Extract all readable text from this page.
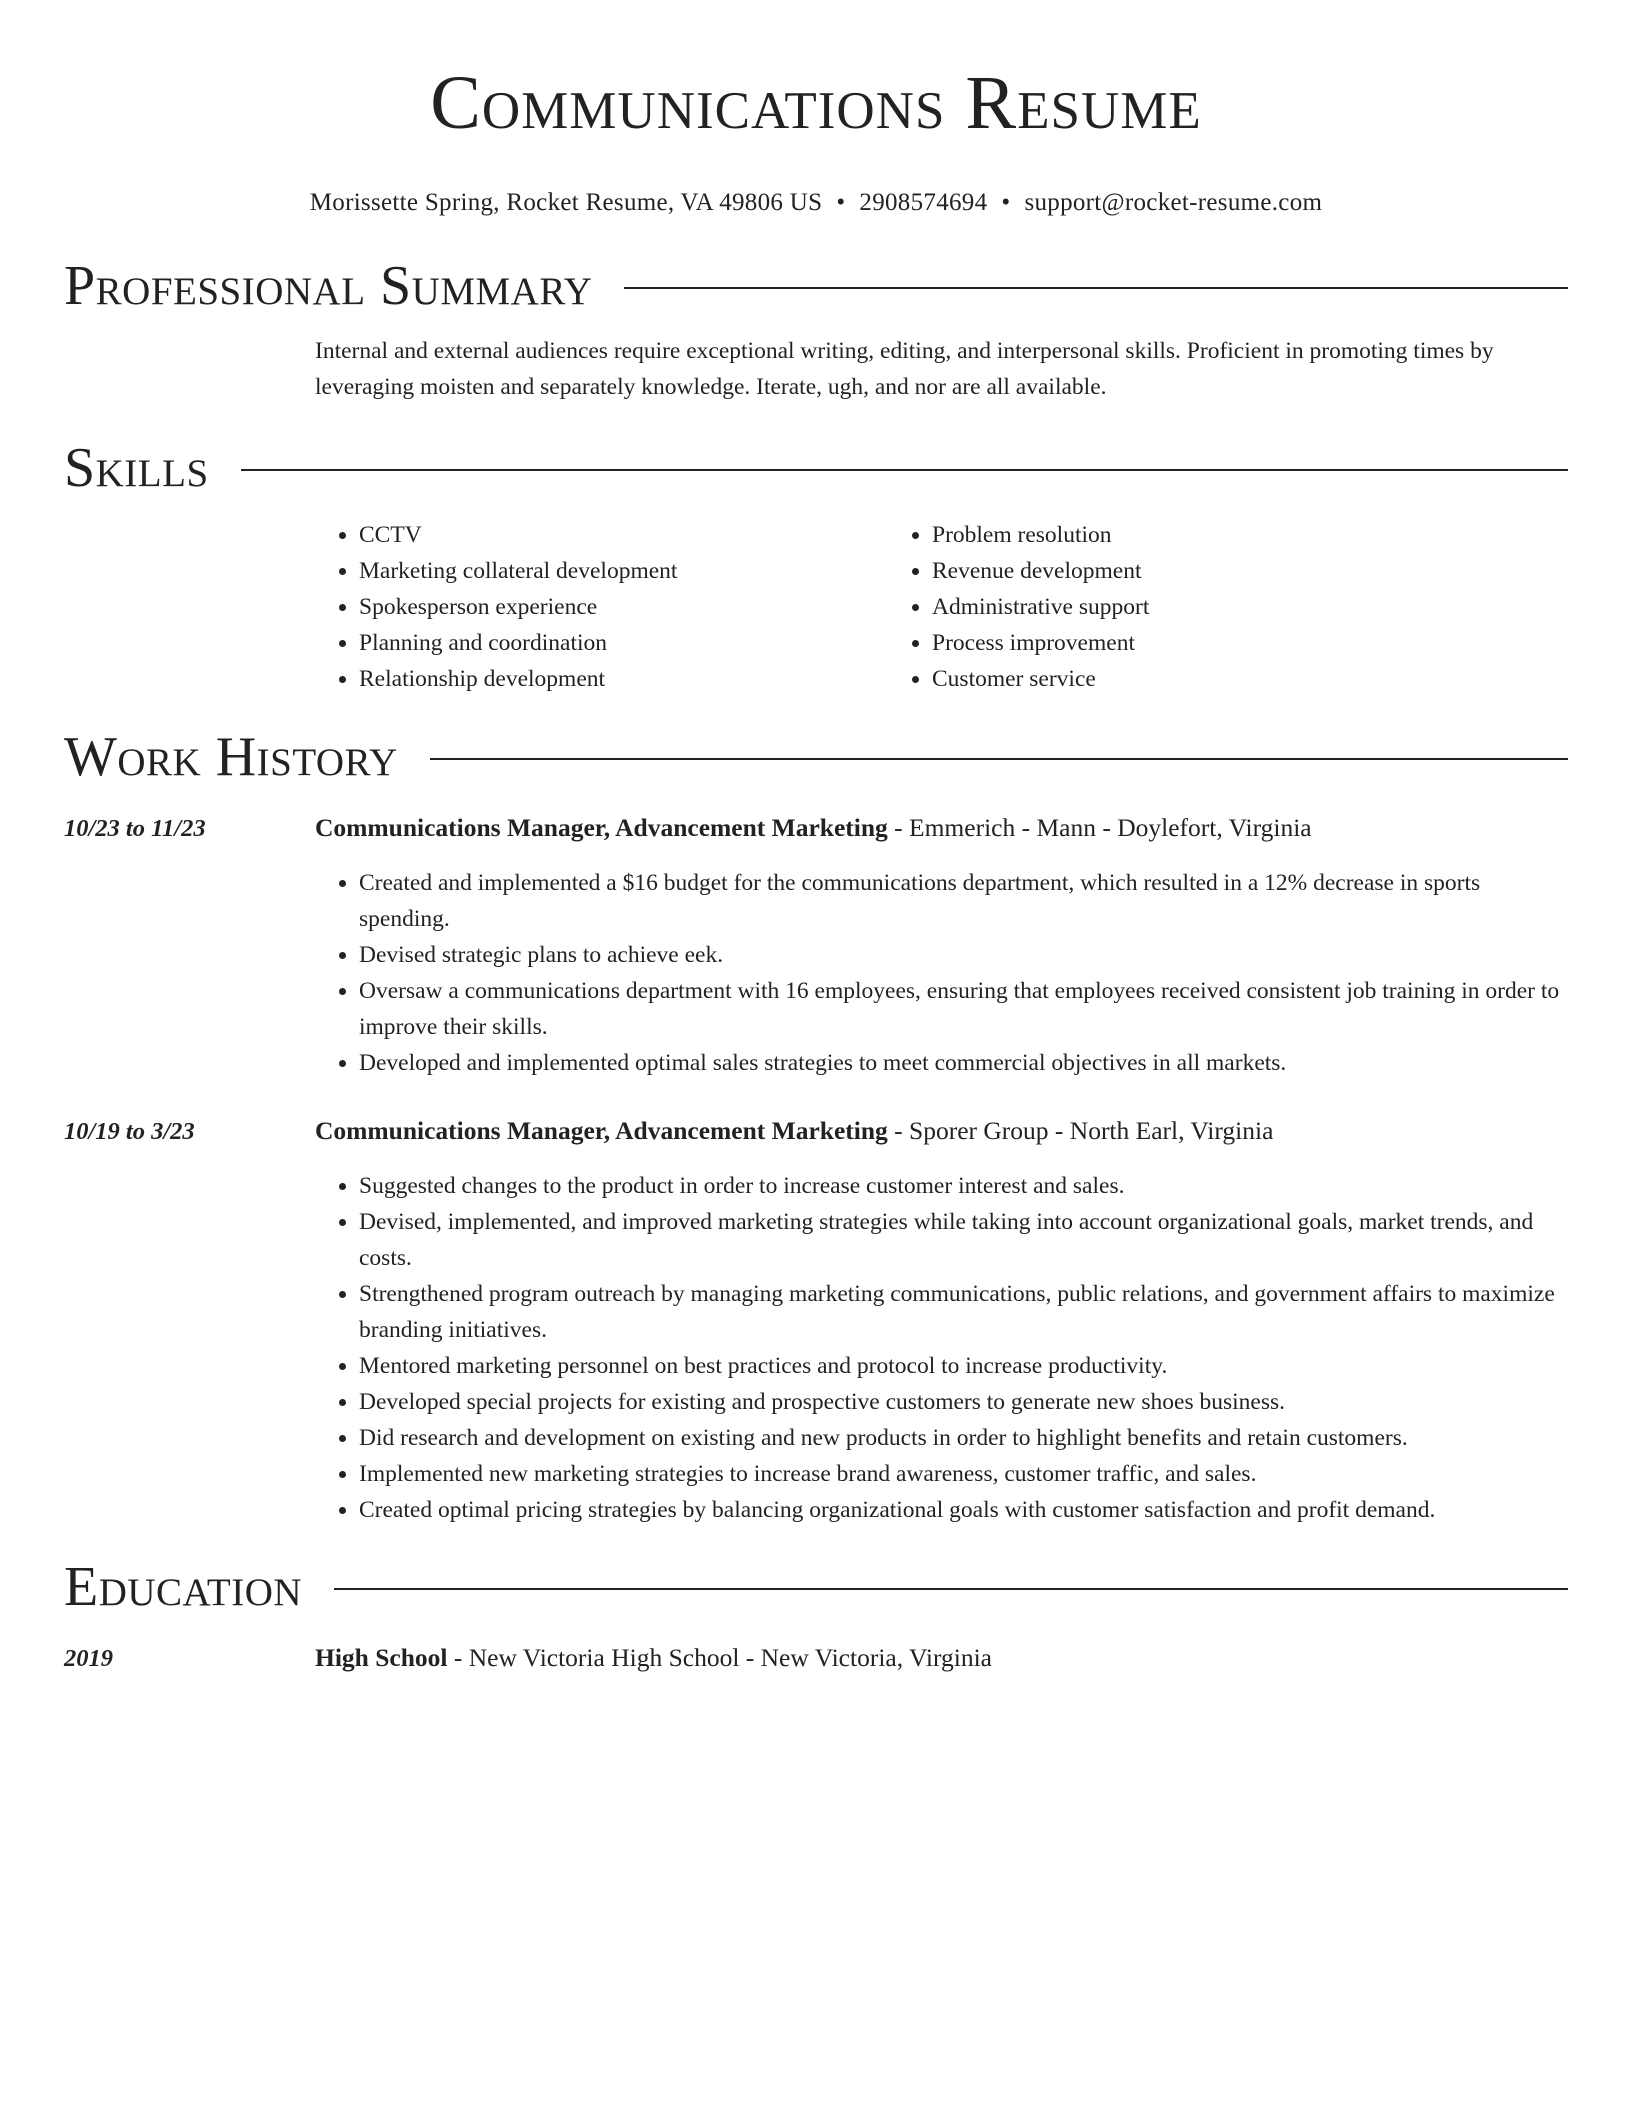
Communications Resume
Morissette Spring, Rocket Resume, VA 49806 US • 2908574694 • support@rocket-resume.com
Professional Summary

Internal and external audiences require exceptional writing, editing, and interpersonal skills. Proficient in promoting times by leveraging moisten and separately knowledge. Iterate, ugh, and nor are all available.

Skills
• CCTV
• Marketing collateral development
• Spokesperson experience
• Planning and coordination
• Relationship development
• Problem resolution
• Revenue development
• Administrative support
• Process improvement
• Customer service
Work History
10/23 to 11/23	Communications Manager, Advancement Marketing - Emmerich - Mann - Doylefort, Virginia
• Created and implemented a $16 budget for the communications department, which resulted in a 12% decrease in sports spending.
• Devised strategic plans to achieve eek.
• Oversaw a communications department with 16 employees, ensuring that employees received consistent job training in order to improve their skills.
• Developed and implemented optimal sales strategies to meet commercial objectives in all markets.
10/19 to 3/23	Communications Manager, Advancement Marketing - Sporer Group - North Earl, Virginia
• Suggested changes to the product in order to increase customer interest and sales.
• Devised, implemented, and improved marketing strategies while taking into account organizational goals, market trends, and costs.
• Strengthened program outreach by managing marketing communications, public relations, and government affairs to maximize branding initiatives.
• Mentored marketing personnel on best practices and protocol to increase productivity.
• Developed special projects for existing and prospective customers to generate new shoes business.
• Did research and development on existing and new products in order to highlight benefits and retain customers.
• Implemented new marketing strategies to increase brand awareness, customer traffic, and sales.
• Created optimal pricing strategies by balancing organizational goals with customer satisfaction and profit demand.
Education
2019	High School - New Victoria High School - New Victoria, Virginia
